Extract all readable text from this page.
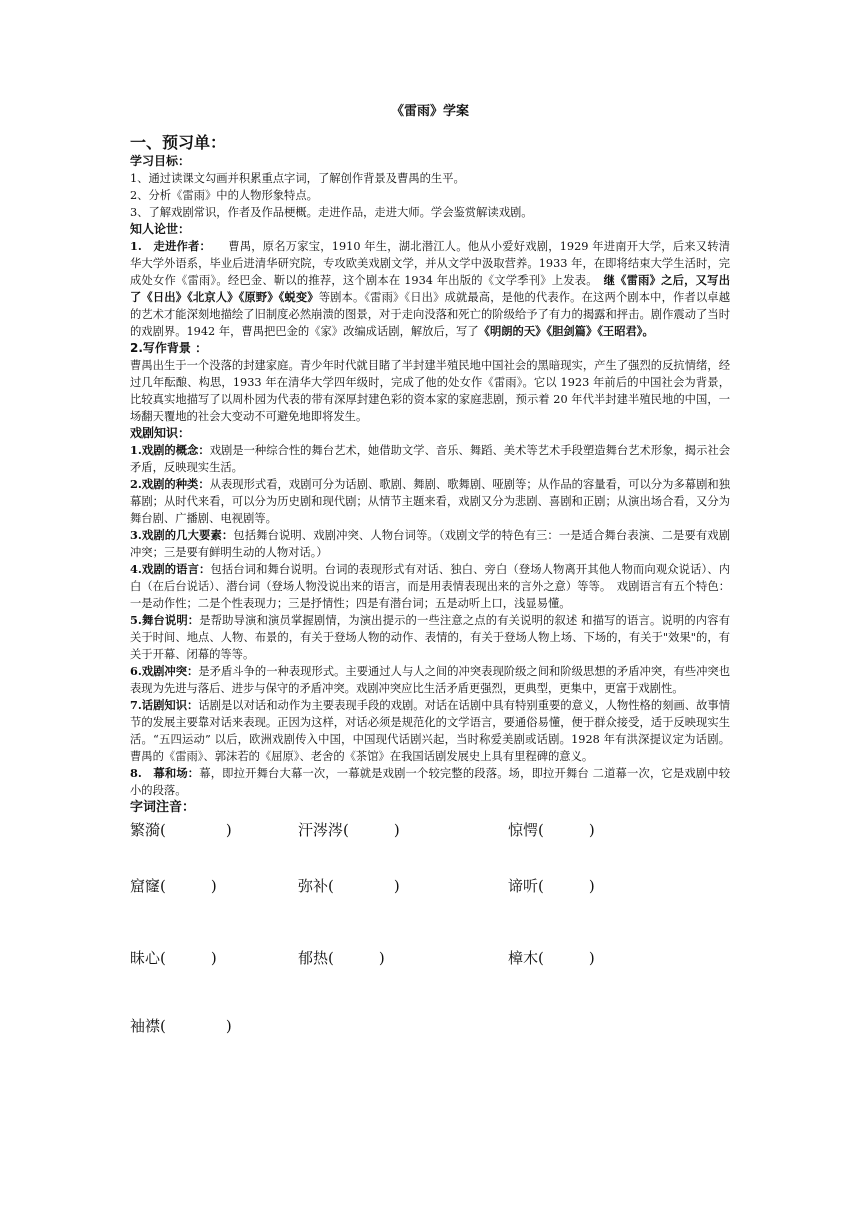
《雷雨》学案
一、预习单：
学习目标：
1、通过读课文勾画并积累重点字词，了解创作背景及曹禺的生平。
2、分析《雷雨》中的人物形象特点。
3、了解戏剧常识，作者及作品梗概。走进作品，走进大师。学会鉴赏解读戏剧。
知人论世：
1.　走进作者：　　曹禺，原名万家宝，1910 年生，湖北潜江人。他从小爱好戏剧，1929 年进南开大学，后来又转清华大学外语系，毕业后进清华研究院，专攻欧美戏剧文学，并从文学中汲取营养。1933 年，在即将结束大学生活时，完成处女作《雷雨》。经巴金、靳以的推荐，这个剧本在 1934 年出版的《文学季刊》上发表。　继《雷雨》之后，又写出了《日出》《北京人》《原野》《蜕变》等剧本。《雷雨》《日出》成就最高，是他的代表作。在这两个剧本中，作者以卓越的艺术才能深刻地描绘了旧制度必然崩溃的图景，对于走向没落和死亡的阶级给予了有力的揭露和抨击。剧作震动了当时的戏剧界。1942 年，曹禺把巴金的《家》改编成话剧，解放后，写了《明朗的天》《胆剑篇》《王昭君》。
2.写作背景 ：
曹禺出生于一个没落的封建家庭。青少年时代就目睹了半封建半殖民地中国社会的黑暗现实，产生了强烈的反抗情绪，经过几年酝酿、构思，1933 年在清华大学四年级时，完成了他的处女作《雷雨》。它以 1923 年前后的中国社会为背景，比较真实地描写了以周朴园为代表的带有深厚封建色彩的资本家的家庭悲剧，预示着 20 年代半封建半殖民地的中国，一场翻天覆地的社会大变动不可避免地即将发生。
戏剧知识：
1.戏剧的概念：戏剧是一种综合性的舞台艺术，她借助文学、音乐、舞蹈、美术等艺术手段塑造舞台艺术形象，揭示社会矛盾，反映现实生活。
2.戏剧的种类：从表现形式看，戏剧可分为话剧、歌剧、舞剧、歌舞剧、哑剧等；从作品的容量看，可以分为多幕剧和独幕剧；从时代来看，可以分为历史剧和现代剧；从情节主题来看，戏剧又分为悲剧、喜剧和正剧；从演出场合看，又分为舞台剧、广播剧、电视剧等。
3.戏剧的几大要素：包括舞台说明、戏剧冲突、人物台词等。（戏剧文学的特色有三：一是适合舞台表演、二是要有戏剧冲突；三是要有鲜明生动的人物对话。）
4.戏剧的语言：包括台词和舞台说明。台词的表现形式有对话、独白、旁白（登场人物离开其他人物而向观众说话）、内白（在后台说话）、潜台词（登场人物没说出来的语言，而是用表情表现出来的言外之意）等等。　戏剧语言有五个特色：一是动作性；二是个性表现力；三是抒情性；四是有潜台词；五是动听上口，浅显易懂。
5.舞台说明：是帮助导演和演员掌握剧情，为演出提示的一些注意之点的有关说明的叙述 和描写的语言。说明的内容有关于时间、地点、人物、布景的，有关于登场人物的动作、表情的，有关于登场人物上场、下场的，有关于"效果"的，有关于开幕、闭幕的等等。
6.戏剧冲突：是矛盾斗争的一种表现形式。主要通过人与人之间的冲突表现阶级之间和阶级思想的矛盾冲突，有些冲突也表现为先进与落后、进步与保守的矛盾冲突。戏剧冲突应比生活矛盾更强烈，更典型，更集中，更富于戏剧性。
7.话剧知识：话剧是以对话和动作为主要表现手段的戏剧。对话在话剧中具有特别重要的意义，人物性格的刻画、故事情节的发展主要靠对话来表现。正因为这样，对话必须是规范化的文学语言，要通俗易懂，便于群众接受，适于反映现实生活。“五四运动” 以后，欧洲戏剧传入中国，中国现代话剧兴起，当时称爱美剧或话剧。1928 年有洪深提议定为话剧。曹禺的《雷雨》、郭沫若的《屈原》、老舍的《茶馆》在我国话剧发展史上具有里程碑的意义。
8.　幕和场：幕，即拉开舞台大幕一次，一幕就是戏剧一个较完整的段落。场，即拉开舞台 二道幕一次，它是戏剧中较小的段落。
字词注音：
繁漪(　　　　)	汗涔涔(　　　)	惊愕(　　　)
窟窿(　　　)	弥补(　　　　)	谛听(　　　)
昧心(　　　)	郁热(　　　)	樟木(　　　)
袖襟(　　　　)
